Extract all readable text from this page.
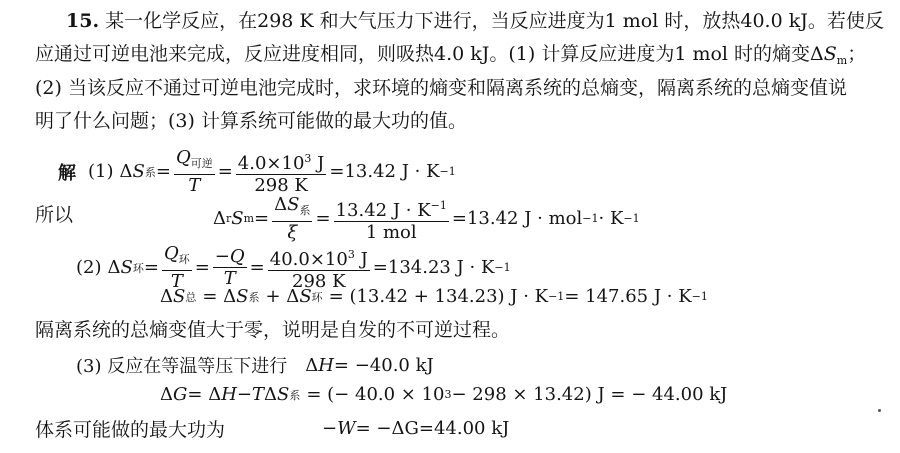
15. 某一化学反应，在298 K 和大气压力下进行，当反应进度为1 mol 时，放热40.0 kJ。若使反
应通过可逆电池来完成，反应进度相同，则吸热4.0 kJ。(1) 计算反应进度为1 mol 时的熵变$\Delta S_m$；
(2) 当该反应不通过可逆电池完成时，求环境的熵变和隔离系统的总熵变，隔离系统的总熵变值说
明了什么问题；(3) 计算系统可能做的最大功的值。
解 (1) Δ S 系 = $\frac{Q_{可逆}}{T} = \frac{4.0\times 10^3 J}{298 K} =13.42$ J · K −1
所以	Δ r S $m = \frac{\Delta S_系}{\xi} = \frac{13.42 J \cdot K^{-1}}{\text{1 mol}} =13.42$ J · mol −1 · K −1
(2) Δ S 环 = $\frac{Q_环}{T} = \frac{-Q}{T} = \frac{40.0\times 10^3 J}{298 K} =134.23$ J · K −1
Δ S 总 = Δ S 系 + Δ S 环 = (13.42 + 134.23) J · K −1 = 147.65 J · K −1
隔离系统的总熵变值大于零，说明是自发的不可逆过程。
(3) 反应在等温等压下进行 Δ H = −40.0 kJ
Δ G = Δ H − T Δ S 系 = (− 40.0 × 10 3 − 298 × 13.42) J = − 44.00 kJ
体系可能做的最大功为	− W = −ΔG=44.00 kJ
